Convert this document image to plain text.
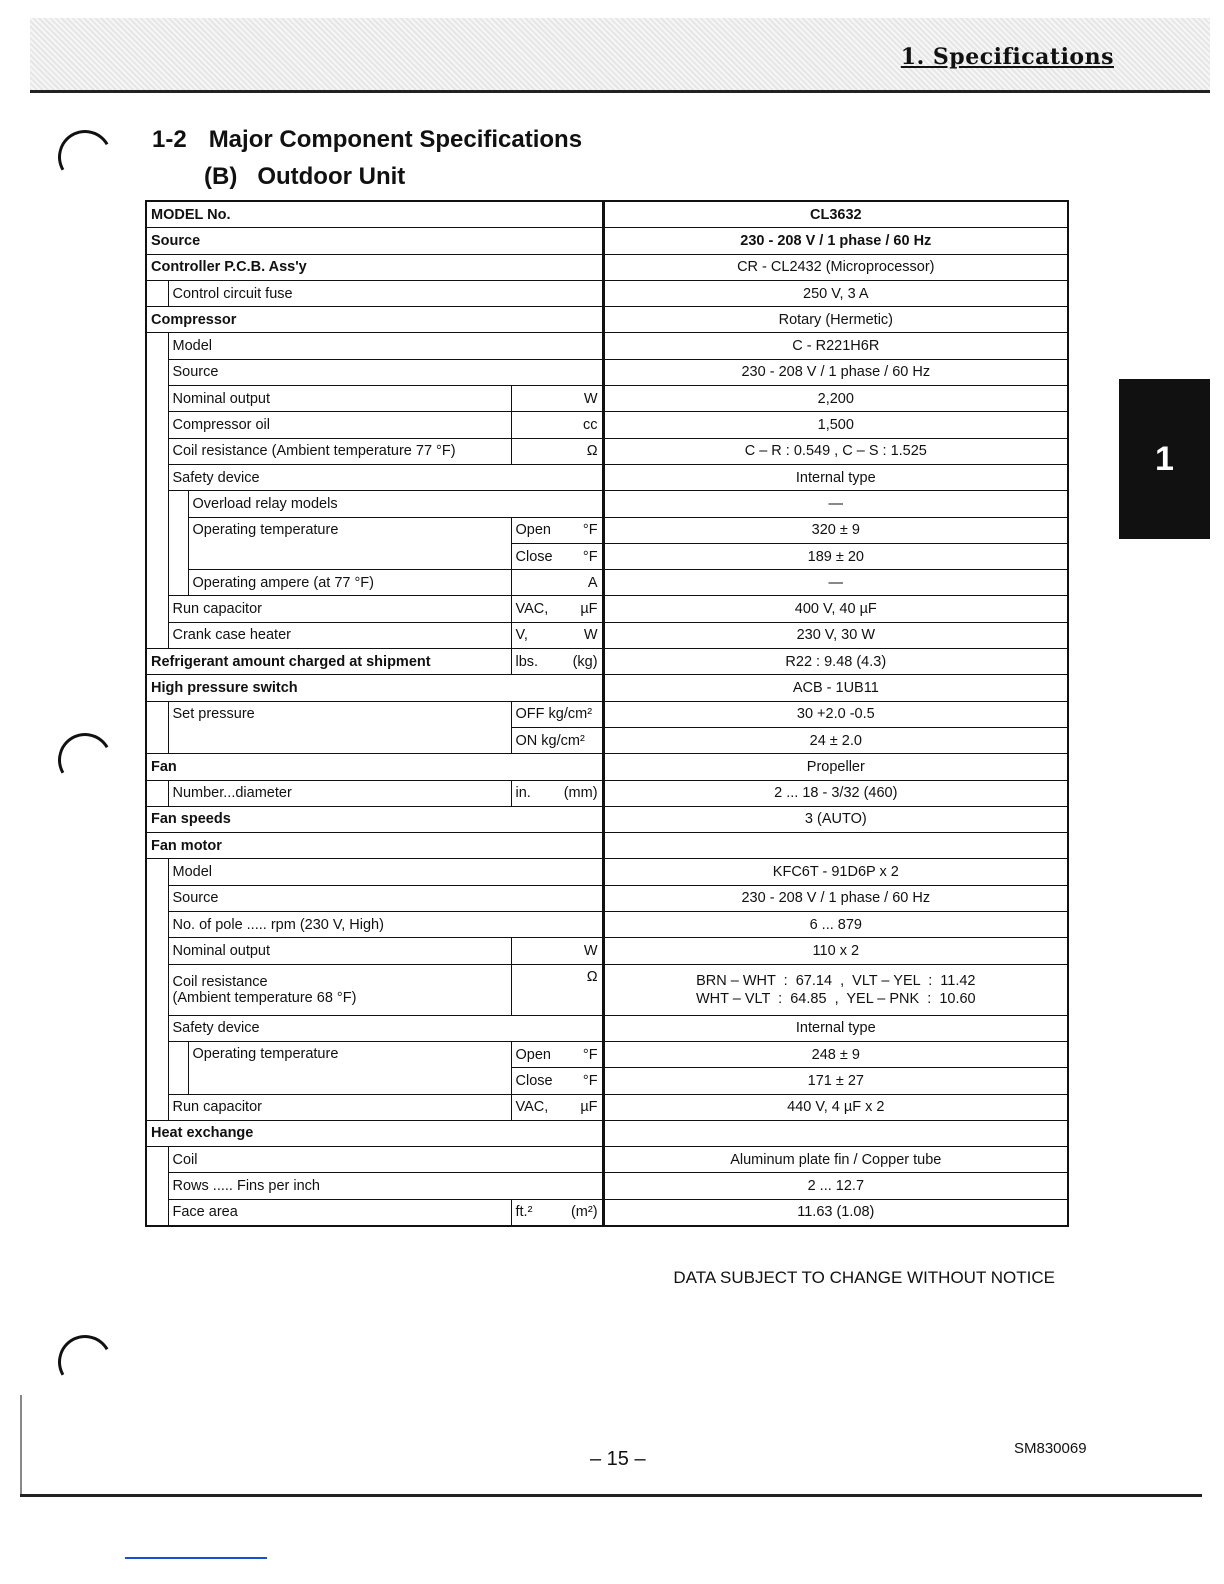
1. Specifications
1-2 Major Component Specifications
(B) Outdoor Unit
1
MODEL No.				CL3632
Source				230 - 208 V / 1 phase / 60 Hz
Controller P.C.B. Ass'y				CR - CL2432 (Microprocessor)
	Control circuit fuse			250 V, 3 A
Compressor				Rotary (Hermetic)
	Model			C - R221H6R
	Source			230 - 208 V / 1 phase / 60 Hz
	Nominal output		W	2,200
	Compressor oil		cc	1,500
	Coil resistance (Ambient temperature 77 °F)		Ω	C – R : 0.549 , C – S : 1.525
	Safety device			Internal type
		Overload relay models		—
		Operating temperature	Open °F	320 ± 9

			Close °F	189 ± 20
		Operating ampere (at 77 °F)	A	—
	Run capacitor		VAC, µF	400 V, 40 µF
	Crank case heater		V, W	230 V, 30 W
Refrigerant amount charged at shipment			lbs. (kg)	R22 : 9.48 (4.3)
High pressure switch				ACB - 1UB11
	Set pressure		OFF kg/cm²	30 +2.0 -0.5

			ON kg/cm²	24 ± 2.0
Fan				Propeller
	Number...diameter		in. (mm)	2 ... 18 - 3/32 (460)
Fan speeds				3 (AUTO)
Fan motor				
	Model			KFC6T - 91D6P x 2
	Source			230 - 208 V / 1 phase / 60 Hz
	No. of pole ..... rpm (230 V, High)			6 ... 879
	Nominal output		W	110 x 2
	Coil resistance
(Ambient temperature 68 °F)		Ω	BRN – WHT  :  67.14  ,  VLT – YEL  :  11.42
WHT – VLT  :  64.85  ,  YEL – PNK  :  10.60
	Safety device			Internal type
		Operating temperature	Open °F	248 ± 9

			Close °F	171 ± 27
	Run capacitor		VAC, µF	440 V, 4 µF x 2
Heat exchange				
	Coil			Aluminum plate fin / Copper tube
	Rows ..... Fins per inch			2 ... 12.7
	Face area		ft.² (m²)	11.63 (1.08)
DATA SUBJECT TO CHANGE WITHOUT NOTICE
– 15 –	SM830069
